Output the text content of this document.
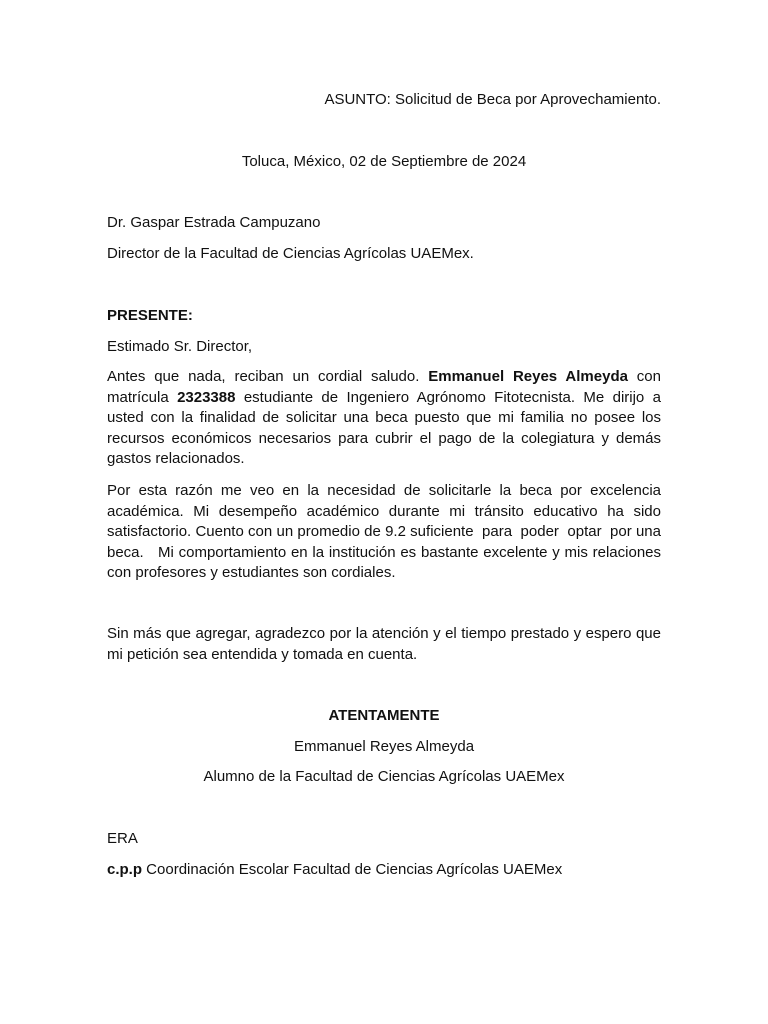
ASUNTO: Solicitud de Beca por Aprovechamiento.

Toluca, México, 02 de Septiembre de 2024

Dr. Gaspar Estrada Campuzano

Director de la Facultad de Ciencias Agrícolas UAEMex.

PRESENTE:

Estimado Sr. Director,

Antes que nada, reciban un cordial saludo. Emmanuel Reyes Almeyda con matrícula 2323388 estudiante de Ingeniero Agrónomo Fitotecnista. Me dirijo a usted con la finalidad de solicitar una beca puesto que mi familia no posee los recursos económicos necesarios para cubrir el pago de la colegiatura y demás gastos relacionados.

Por esta razón me veo en la necesidad de solicitarle la beca por excelencia académica. Mi desempeño académico durante mi tránsito educativo ha sido satisfactorio. Cuento con un promedio de 9.2 suficiente  para  poder  optar  por una   beca.   Mi comportamiento en la institución es bastante excelente y mis relaciones con profesores y estudiantes son cordiales.

Sin más que agregar, agradezco por la atención y el tiempo prestado y espero que mi petición sea entendida y tomada en cuenta.

ATENTAMENTE

Emmanuel Reyes Almeyda

Alumno de la Facultad de Ciencias Agrícolas UAEMex

ERA

c.p.p Coordinación Escolar Facultad de Ciencias Agrícolas UAEMex
